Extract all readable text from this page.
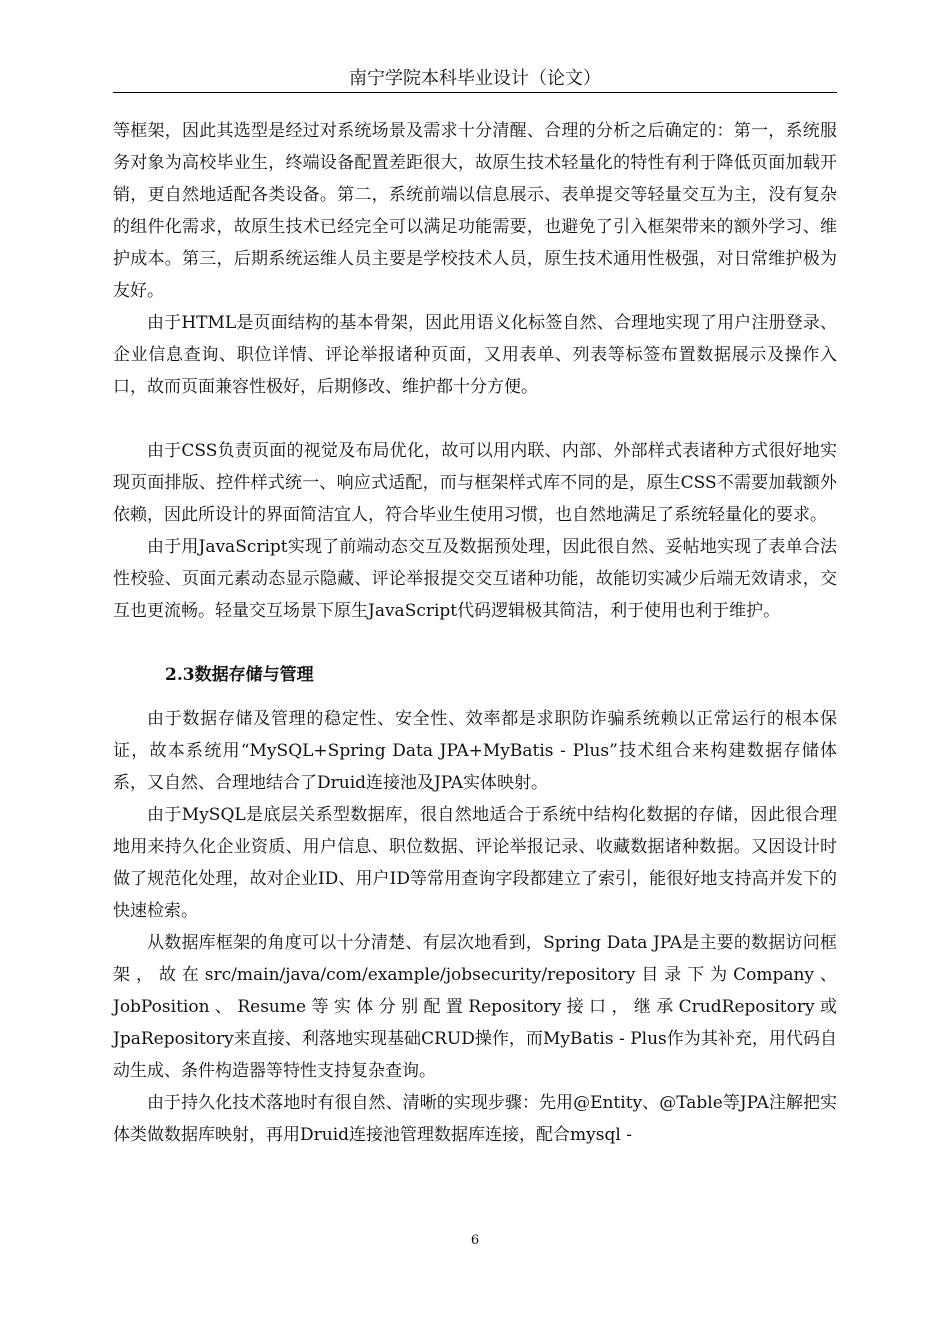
南宁学院本科毕业设计（论文）

等框架，因此其选型是经过对系统场景及需求十分清醒、合理的分析之后确定的：第一，系统服务对象为高校毕业生，终端设备配置差距很大，故原生技术轻量化的特性有利于降低页面加载开销，更自然地适配各类设备。第二，系统前端以信息展示、表单提交等轻量交互为主，没有复杂的组件化需求，故原生技术已经完全可以满足功能需要，也避免了引入框架带来的额外学习、维护成本。第三，后期系统运维人员主要是学校技术人员，原生技术通用性极强，对日常维护极为友好。

由于HTML是页面结构的基本骨架，因此用语义化标签自然、合理地实现了用户注册登录、企业信息查询、职位详情、评论举报诸种页面，又用表单、列表等标签布置数据展示及操作入口，故而页面兼容性极好，后期修改、维护都十分方便。

由于CSS负责页面的视觉及布局优化，故可以用内联、内部、外部样式表诸种方式很好地实现页面排版、控件样式统一、响应式适配，而与框架样式库不同的是，原生CSS不需要加载额外依赖，因此所设计的界面简洁宜人，符合毕业生使用习惯，也自然地满足了系统轻量化的要求。

由于用JavaScript实现了前端动态交互及数据预处理，因此很自然、妥帖地实现了表单合法性校验、页面元素动态显示隐藏、评论举报提交交互诸种功能，故能切实减少后端无效请求，交互也更流畅。轻量交互场景下原生JavaScript代码逻辑极其简洁，利于使用也利于维护。

2.3数据存储与管理

由于数据存储及管理的稳定性、安全性、效率都是求职防诈骗系统赖以正常运行的根本保证，故本系统用“MySQL+Spring Data JPA+MyBatis - Plus”技术组合来构建数据存储体系，又自然、合理地结合了Druid连接池及JPA实体映射。

由于MySQL是底层关系型数据库，很自然地适合于系统中结构化数据的存储，因此很合理地用来持久化企业资质、用户信息、职位数据、评论举报记录、收藏数据诸种数据。又因设计时做了规范化处理，故对企业ID、用户ID等常用查询字段都建立了索引，能很好地支持高并发下的快速检索。

从数据库框架的角度可以十分清楚、有层次地看到，Spring Data JPA是主要的数据访问框架，故在src/main/java/com/example/jobsecurity/repository目录下为Company、JobPosition、Resume等实体分别配置Repository接口，继承CrudRepository或JpaRepository来直接、利落地实现基础CRUD操作，而MyBatis - Plus作为其补充，用代码自动生成、条件构造器等特性支持复杂查询。

由于持久化技术落地时有很自然、清晰的实现步骤：先用@Entity、@Table等JPA注解把实体类做数据库映射，再用Druid连接池管理数据库连接，配合mysql -

6
